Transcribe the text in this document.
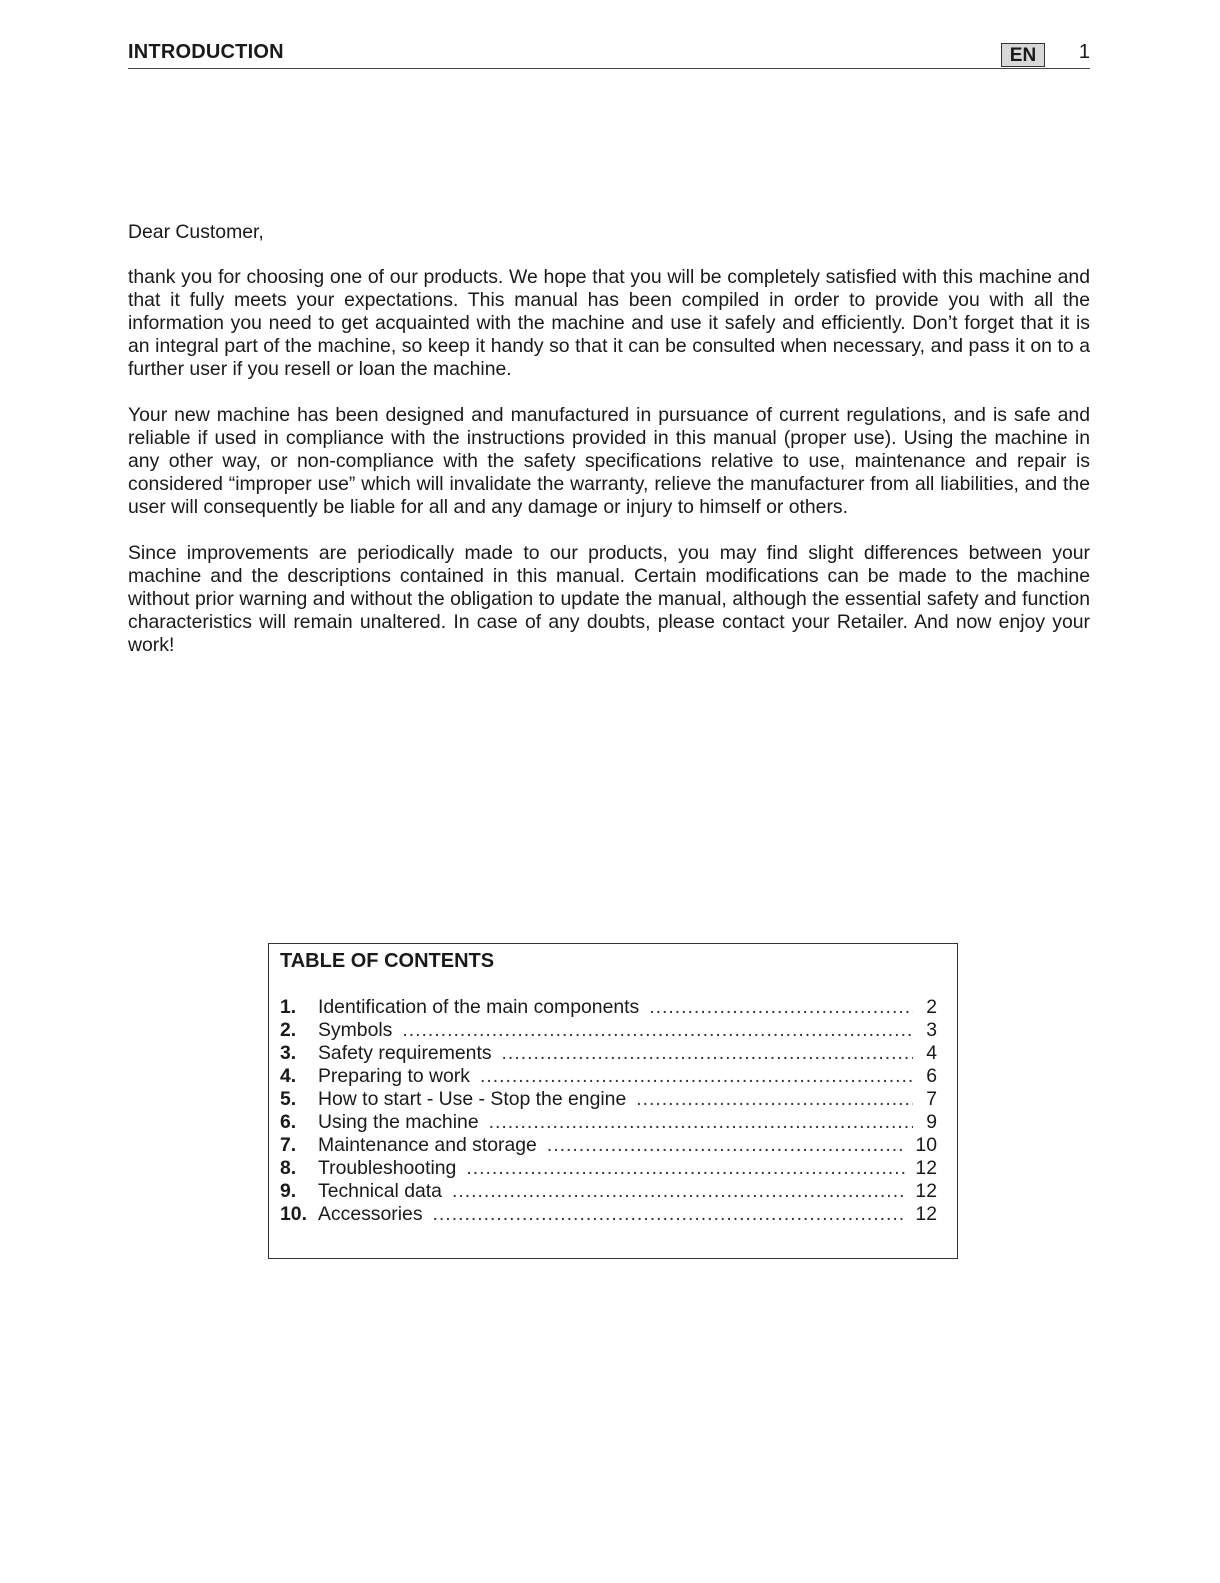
INTRODUCTION	EN	1

Dear Customer,

thank you for choosing one of our products. We hope that you will be completely satisfied with this machine and that it fully meets your expectations. This manual has been compiled in order to provide you with all the information you need to get acquainted with the machine and use it safely and efficiently. Don’t forget that it is an integral part of the machine, so keep it handy so that it can be consulted when necessary, and pass it on to a further user if you resell or loan the machine.

Your new machine has been designed and manufactured in pursuance of current regulations, and is safe and reliable if used in compliance with the instructions provided in this manual (proper use). Using the machine in any other way, or non-compliance with the safety specifications relative to use, maintenance and repair is considered “improper use” which will invalidate the warranty, relieve the manufacturer from all liabilities, and the user will consequently be liable for all and any damage or injury to himself or others.

Since improvements are periodically made to our products, you may find slight differences between your machine and the descriptions contained in this manual. Certain modifications can be made to the machine without prior warning and without the obligation to update the manual, although the essential safety and function characteristics will remain unaltered. In case of any doubts, please contact your Retailer. And now enjoy your work!

TABLE OF CONTENTS
1.	Identification of the main components .....	2
2.	Symbols .....	3
3.	Safety requirements .....	4
4.	Preparing to work .....	6
5.	How to start - Use - Stop the engine .....	7
6.	Using the machine .....	9
7.	Maintenance and storage .....	10
8.	Troubleshooting .....	12
9.	Technical data .....	12
10. Accessories .....	12
